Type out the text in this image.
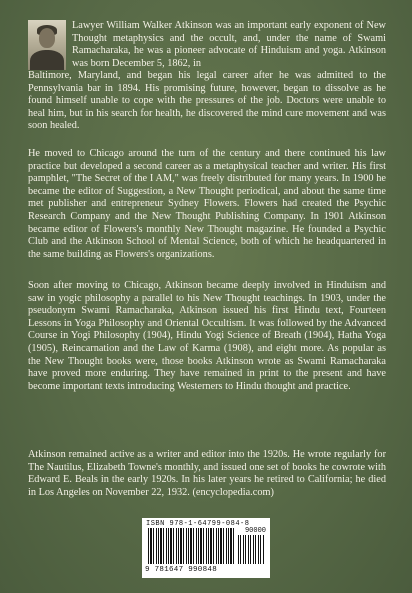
Lawyer William Walker Atkinson was an important early exponent of New Thought metaphysics and the occult, and, under the name of Swami Ramacharaka, he was a pioneer advocate of Hinduism and yoga. Atkinson was born December 5, 1862, in

Baltimore, Maryland, and began his legal career after he was admitted to the Pennsylvania bar in 1894. His promising future, however, began to dissolve as he found himself unable to cope with the pressures of the job. Doctors were unable to heal him, but in his search for health, he discovered the mind cure movement and was soon healed.

He moved to Chicago around the turn of the century and there continued his law practice but developed a second career as a metaphysical teacher and writer. His first pamphlet, "The Secret of the I AM," was freely distributed for many years. In 1900 he became the editor of Suggestion, a New Thought periodical, and about the same time met publisher and entrepreneur Sydney Flowers. Flowers had created the Psychic Research Company and the New Thought Publishing Company. In 1901 Atkinson became editor of Flowers's monthly New Thought magazine. He founded a Psychic Club and the Atkinson School of Mental Science, both of which he headquartered in the same building as Flowers's organizations.

Soon after moving to Chicago, Atkinson became deeply involved in Hinduism and saw in yogic philosophy a parallel to his New Thought teachings. In 1903, under the pseudonym Swami Ramacharaka, Atkinson issued his first Hindu text, Fourteen Lessons in Yoga Philosophy and Oriental Occultism. It was followed by the Advanced Course in Yogi Philosophy (1904), Hindu Yogi Science of Breath (1904), Hatha Yoga (1905), Reincarnation and the Law of Karma (1908), and eight more. As popular as the New Thought books were, those books Atkinson wrote as Swami Ramacharaka have proved more enduring. They have remained in print to the present and have become important texts introducing Westerners to Hindu thought and practice.

Atkinson remained active as a writer and editor into the 1920s. He wrote regularly for The Nautilus, Elizabeth Towne's monthly, and issued one set of books he cowrote with Edward E. Beals in the early 1920s. In his later years he retired to California; he died in Los Angeles on November 22, 1932. (encyclopedia.com)

ISBN 978-1-64799-084-8
90000
9 781647 990848
